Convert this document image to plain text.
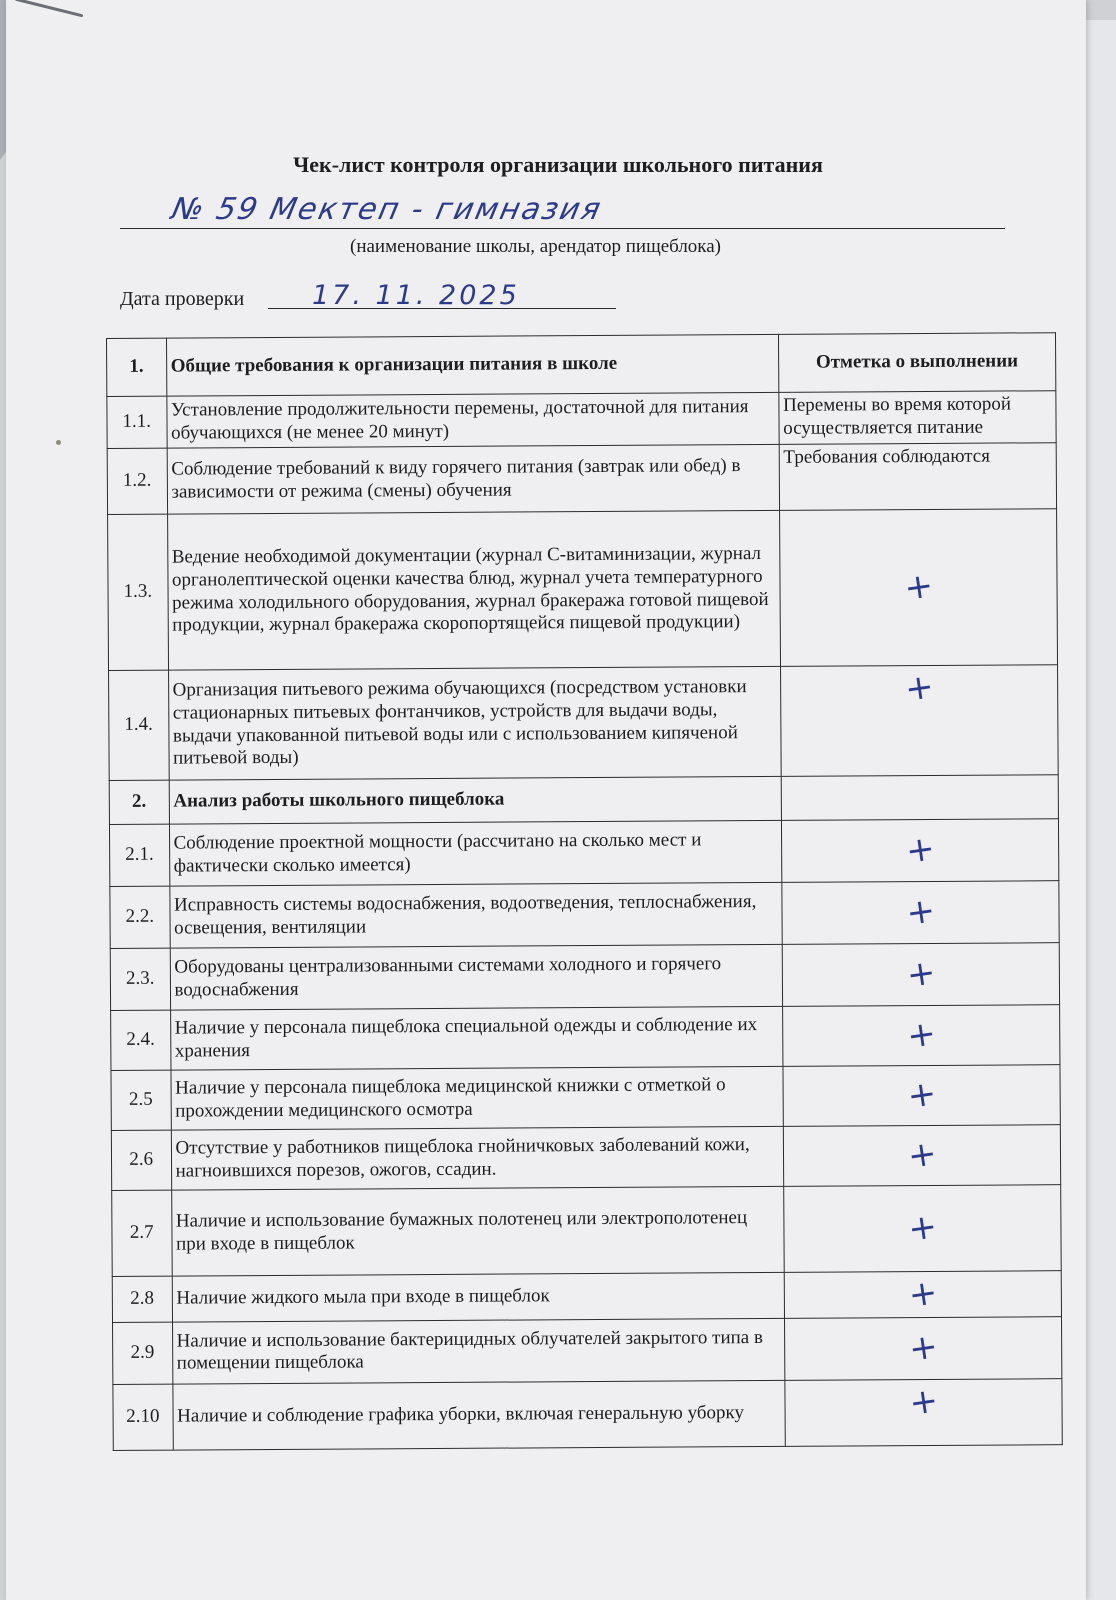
Чек-лист контроля организации школьного питания
№ 59 Мектеп - гимназия
(наименование школы, арендатор пищеблока)
Дата проверки	17. 11. 2025
1.	Общие требования к организации питания в школе	Отметка о выполнении
1.1.	Установление продолжительности перемены, достаточной для питания обучающихся (не менее 20 минут)	Перемены во время которой осуществляется питание
1.2.	Соблюдение требований к виду горячего питания (завтрак или обед) в зависимости от режима (смены) обучения	Требования соблюдаются
1.3.	Ведение необходимой документации (журнал С-витаминизации, журнал органолептической оценки качества блюд, журнал учета температурного режима холодильного оборудования, журнал бракеража готовой пищевой продукции, журнал бракеража скоропортящейся пищевой продукции)	+
1.4.	Организация питьевого режима обучающихся (посредством установки стационарных питьевых фонтанчиков, устройств для выдачи воды, выдачи упакованной питьевой воды или с использованием кипяченой питьевой воды)	+
2.	Анализ работы школьного пищеблока	
2.1.	Соблюдение проектной мощности (рассчитано на сколько мест и фактически сколько имеется)	+
2.2.	Исправность системы водоснабжения, водоотведения, теплоснабжения, освещения, вентиляции	+
2.3.	Оборудованы централизованными системами холодного и горячего водоснабжения	+
2.4.	Наличие у персонала пищеблока специальной одежды и соблюдение их хранения	+
2.5	Наличие у персонала пищеблока медицинской книжки с отметкой о прохождении медицинского осмотра	+
2.6	Отсутствие у работников пищеблока гнойничковых заболеваний кожи, нагноившихся порезов, ожогов, ссадин.	+
2.7	Наличие и использование бумажных полотенец или электрополотенец при входе в пищеблок	+
2.8	Наличие жидкого мыла при входе в пищеблок	+
2.9	Наличие и использование бактерицидных облучателей закрытого типа в помещении пищеблока	+
2.10	Наличие и соблюдение графика уборки, включая генеральную уборку	+
